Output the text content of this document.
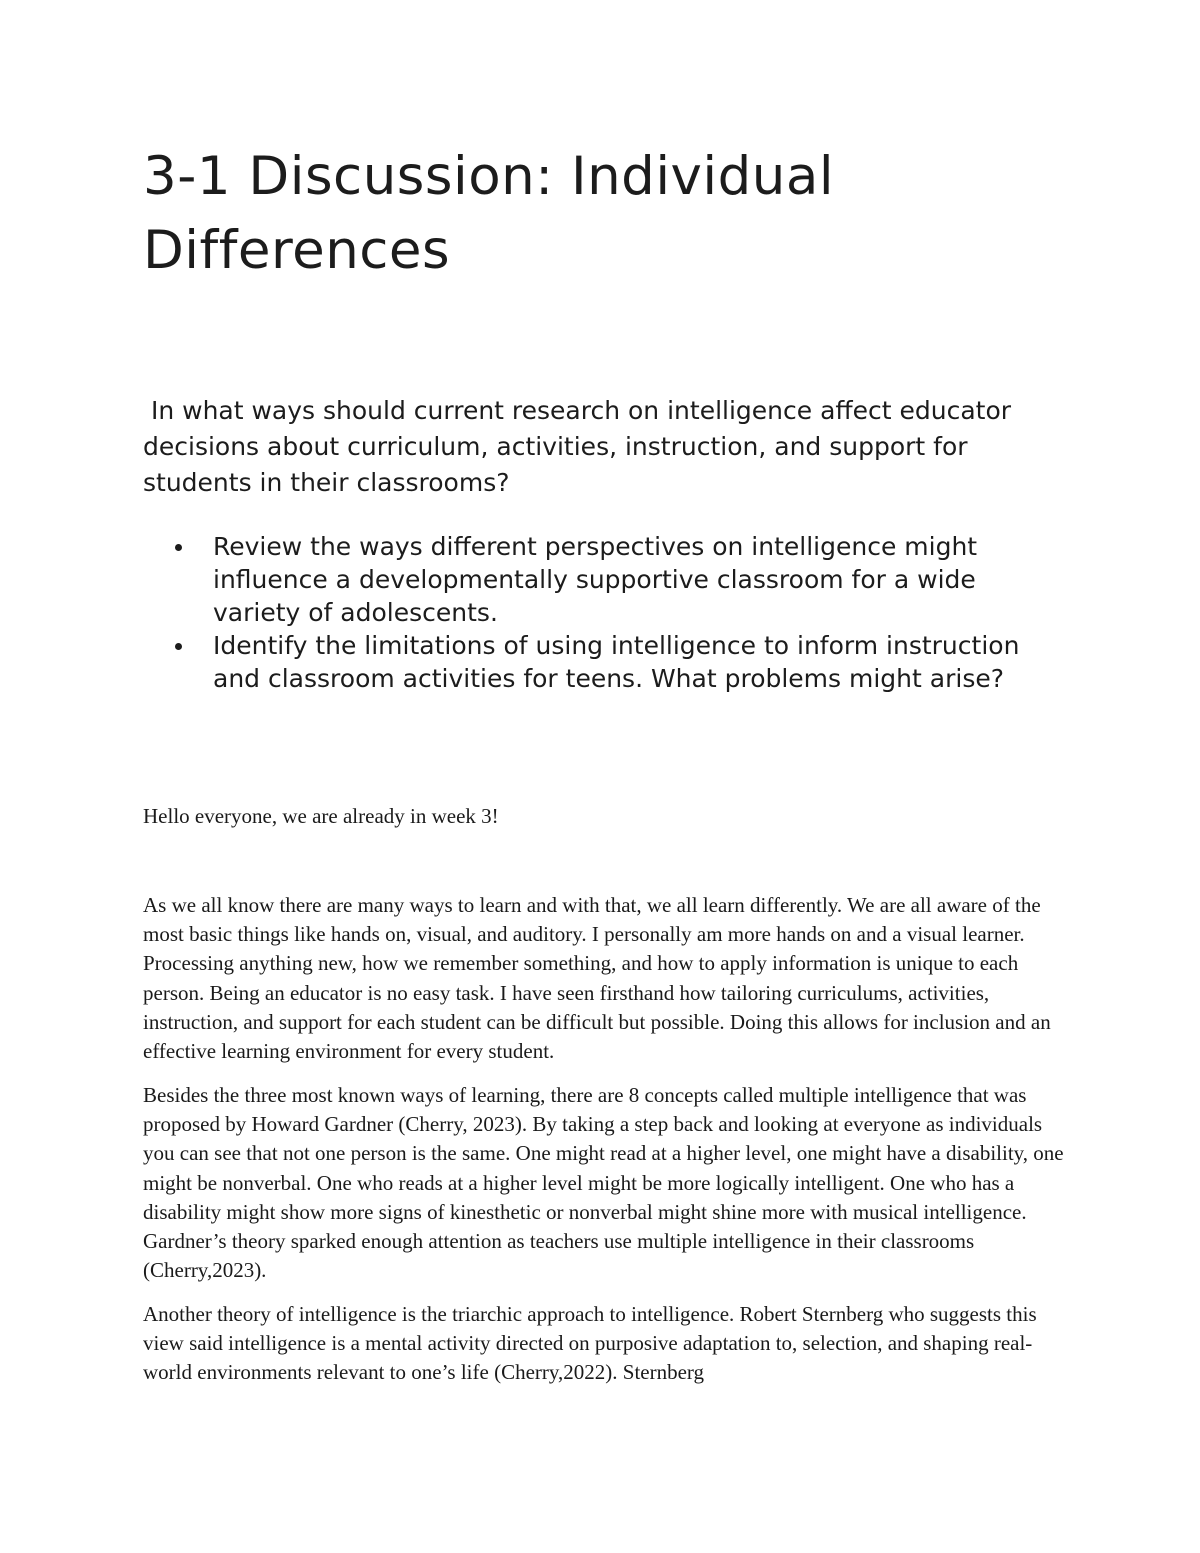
3-1 Discussion: Individual Differences

In what ways should current research on intelligence affect educator decisions about curriculum, activities, instruction, and support for students in their classrooms?

Review the ways different perspectives on intelligence might influence a developmentally supportive classroom for a wide variety of adolescents.
Identify the limitations of using intelligence to inform instruction and classroom activities for teens. What problems might arise?

Hello everyone, we are already in week 3!

As we all know there are many ways to learn and with that, we all learn differently. We are all aware of the most basic things like hands on, visual, and auditory. I personally am more hands on and a visual learner. Processing anything new, how we remember something, and how to apply information is unique to each person. Being an educator is no easy task. I have seen firsthand how tailoring curriculums, activities, instruction, and support for each student can be difficult but possible. Doing this allows for inclusion and an effective learning environment for every student.

Besides the three most known ways of learning, there are 8 concepts called multiple intelligence that was proposed by Howard Gardner (Cherry, 2023). By taking a step back and looking at everyone as individuals you can see that not one person is the same. One might read at a higher level, one might have a disability, one might be nonverbal. One who reads at a higher level might be more logically intelligent. One who has a disability might show more signs of kinesthetic or nonverbal might shine more with musical intelligence. Gardner’s theory sparked enough attention as teachers use multiple intelligence in their classrooms (Cherry,2023).

Another theory of intelligence is the triarchic approach to intelligence. Robert Sternberg who suggests this view said intelligence is a mental activity directed on purposive adaptation to, selection, and shaping real-world environments relevant to one’s life (Cherry,2022). Sternberg
